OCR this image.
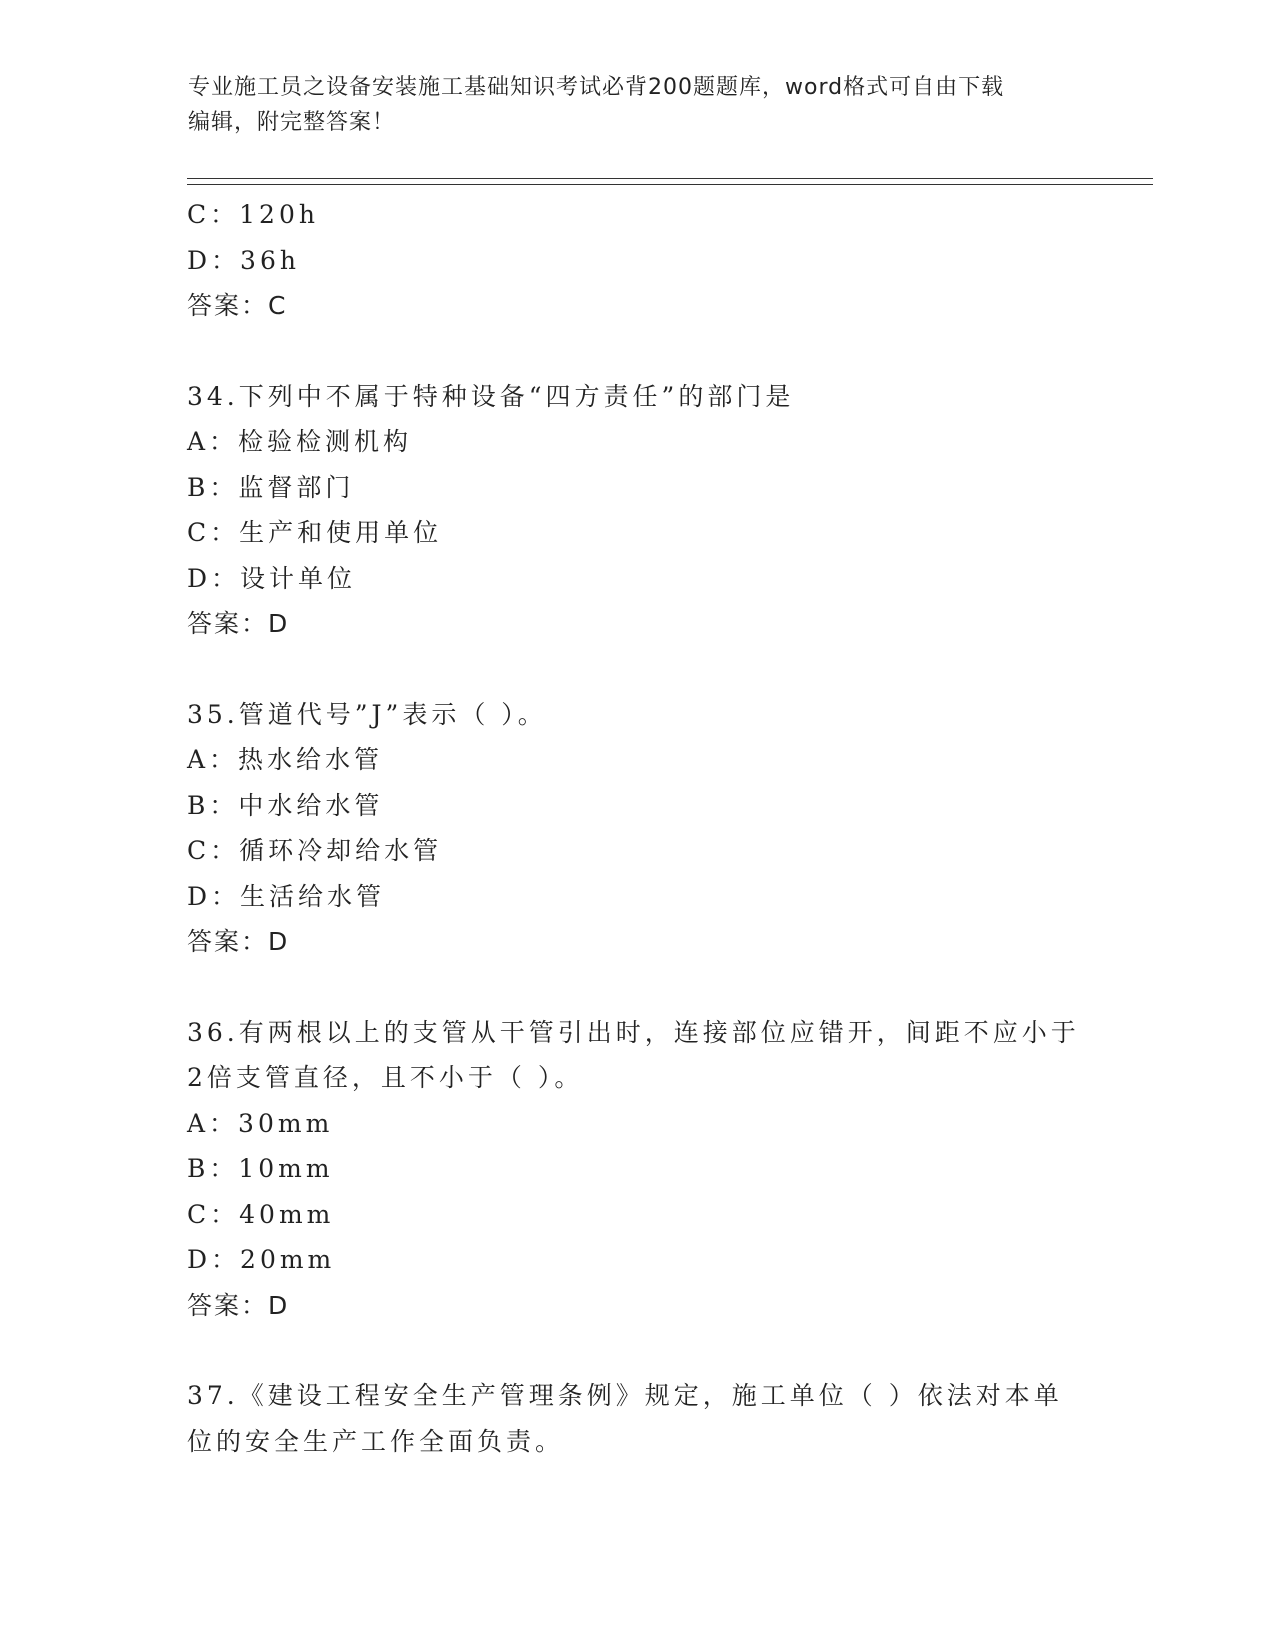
专业施工员之设备安装施工基础知识考试必背200题题库，word格式可自由下载
编辑，附完整答案！
C：120h
D：36h
答案：C
34.下列中不属于特种设备“四方责任”的部门是
A：检验检测机构
B：监督部门
C：生产和使用单位
D：设计单位
答案：D
35.管道代号”J”表示（ ）。
A：热水给水管
B：中水给水管
C：循环冷却给水管
D：生活给水管
答案：D
36.有两根以上的支管从干管引出时，连接部位应错开，间距不应小于
2倍支管直径，且不小于（ ）。
A：30mm
B：10mm
C：40mm
D：20mm
答案：D
37.《建设工程安全生产管理条例》规定，施工单位（ ）依法对本单
位的安全生产工作全面负责。
